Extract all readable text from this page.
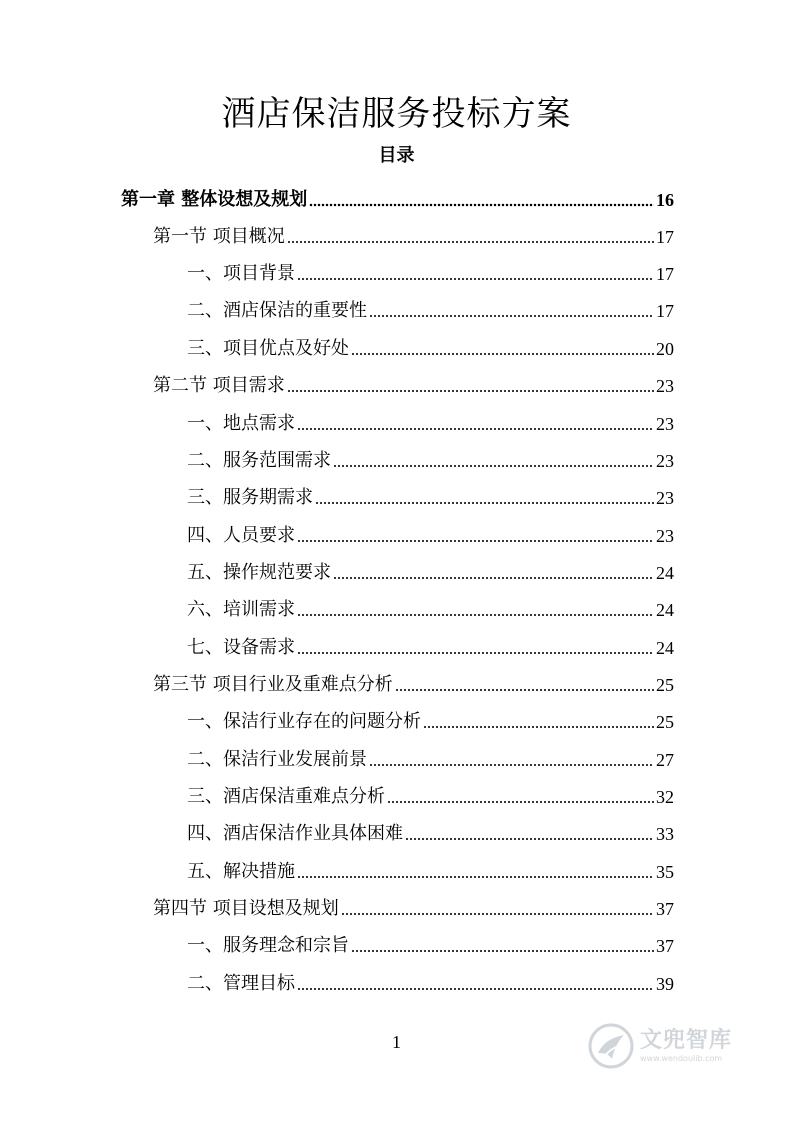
酒店保洁服务投标方案
目录
第一章 整体设想及规划	16
第一节 项目概况	17
一、项目背景	17
二、酒店保洁的重要性	17
三、项目优点及好处	20
第二节 项目需求	23
一、地点需求	23
二、服务范围需求	23
三、服务期需求	23
四、人员要求	23
五、操作规范要求	24
六、培训需求	24
七、设备需求	24
第三节 项目行业及重难点分析	25
一、保洁行业存在的问题分析	25
二、保洁行业发展前景	27
三、酒店保洁重难点分析	32
四、酒店保洁作业具体困难	33
五、解决措施	35
第四节 项目设想及规划	37
一、服务理念和宗旨	37
二、管理目标	39
1	文兜智库
www.wendoulib.com
